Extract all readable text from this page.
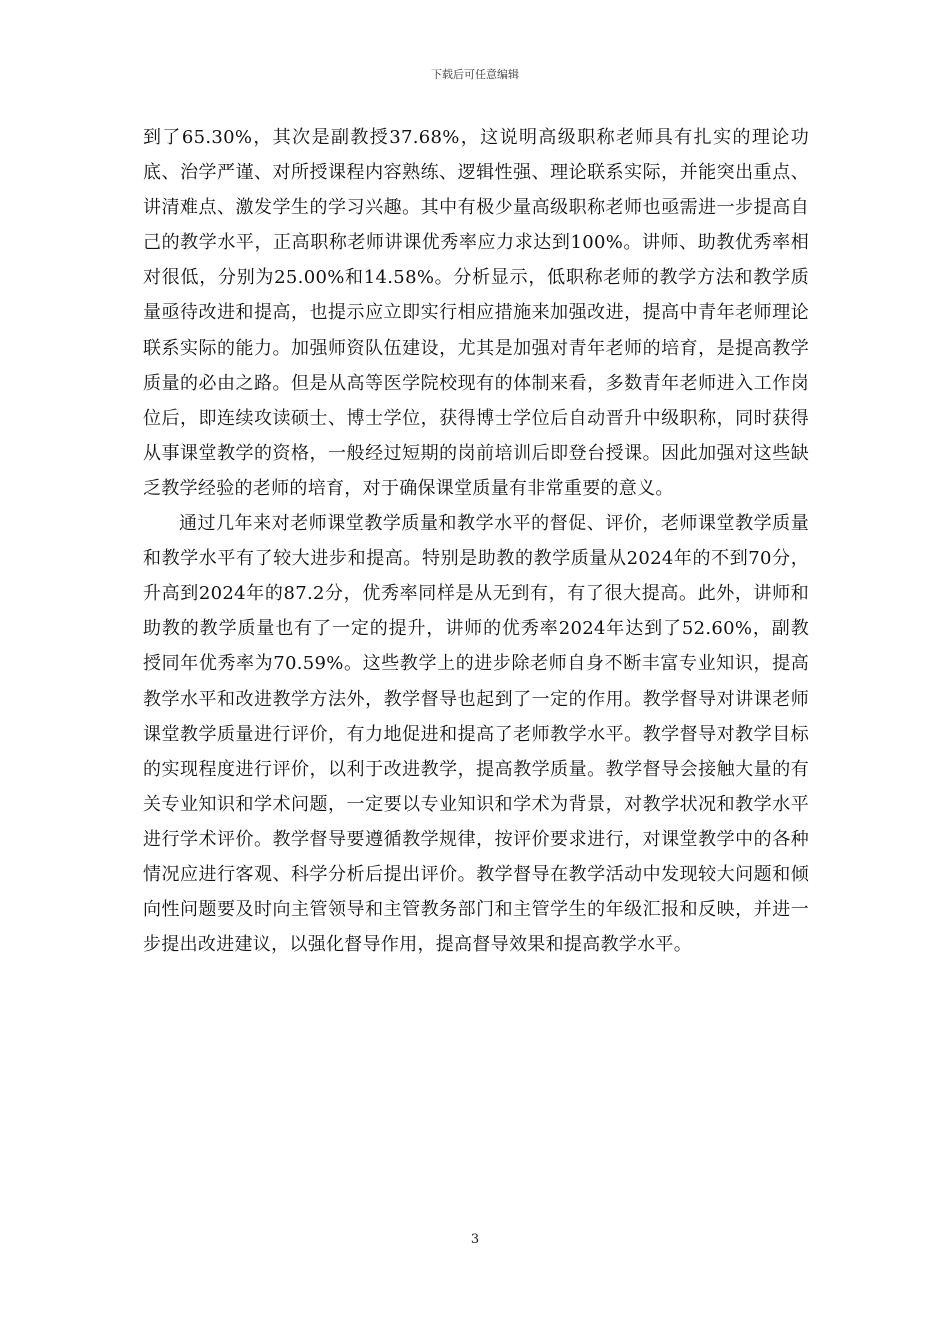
下载后可任意编辑

到了65.30%，其次是副教授37.68%，这说明高级职称老师具有扎实的理论功底、治学严谨、对所授课程内容熟练、逻辑性强、理论联系实际，并能突出重点、讲清难点、激发学生的学习兴趣。其中有极少量高级职称老师也亟需进一步提高自己的教学水平，正高职称老师讲课优秀率应力求达到100%。讲师、助教优秀率相对很低，分别为25.00%和14.58%。分析显示，低职称老师的教学方法和教学质量亟待改进和提高，也提示应立即实行相应措施来加强改进，提高中青年老师理论联系实际的能力。加强师资队伍建设，尤其是加强对青年老师的培育，是提高教学质量的必由之路。但是从高等医学院校现有的体制来看，多数青年老师进入工作岗位后，即连续攻读硕士、博士学位，获得博士学位后自动晋升中级职称，同时获得从事课堂教学的资格，一般经过短期的岗前培训后即登台授课。因此加强对这些缺乏教学经验的老师的培育，对于确保课堂质量有非常重要的意义。

通过几年来对老师课堂教学质量和教学水平的督促、评价，老师课堂教学质量和教学水平有了较大进步和提高。特别是助教的教学质量从2024年的不到70分，升高到2024年的87.2分，优秀率同样是从无到有，有了很大提高。此外，讲师和助教的教学质量也有了一定的提升，讲师的优秀率2024年达到了52.60%，副教授同年优秀率为70.59%。这些教学上的进步除老师自身不断丰富专业知识，提高教学水平和改进教学方法外，教学督导也起到了一定的作用。教学督导对讲课老师课堂教学质量进行评价，有力地促进和提高了老师教学水平。教学督导对教学目标的实现程度进行评价，以利于改进教学，提高教学质量。教学督导会接触大量的有关专业知识和学术问题，一定要以专业知识和学术为背景，对教学状况和教学水平进行学术评价。教学督导要遵循教学规律，按评价要求进行，对课堂教学中的各种情况应进行客观、科学分析后提出评价。教学督导在教学活动中发现较大问题和倾向性问题要及时向主管领导和主管教务部门和主管学生的年级汇报和反映，并进一步提出改进建议，以强化督导作用，提高督导效果和提高教学水平。

3
